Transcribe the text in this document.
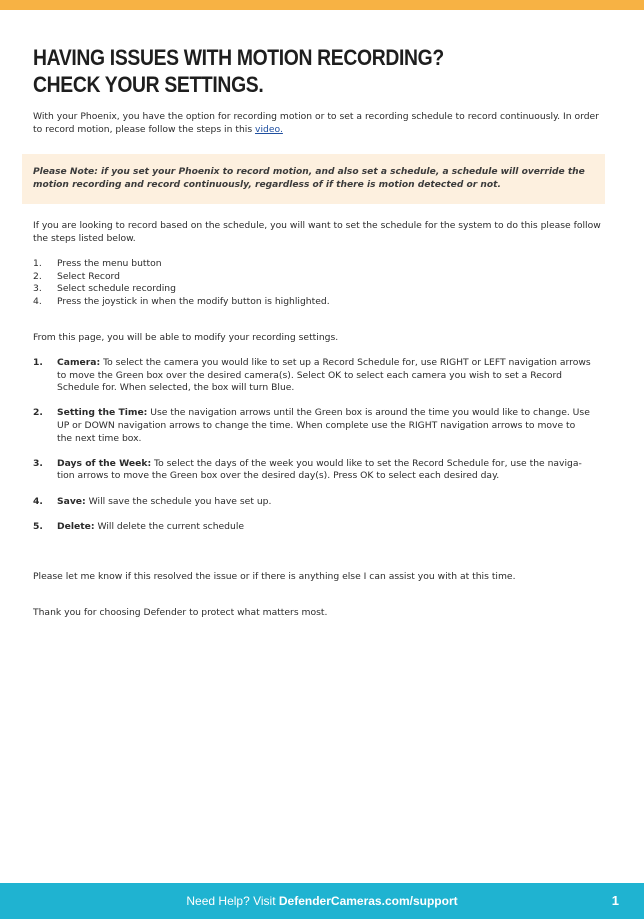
HAVING ISSUES WITH MOTION RECORDING?
CHECK YOUR SETTINGS.

With your Phoenix, you have the option for recording motion or to set a recording schedule to record continuously. In order to record motion, please follow the steps in this video.

Please Note: if you set your Phoenix to record motion, and also set a schedule, a schedule will override the motion recording and record continuously, regardless of if there is motion detected or not.

If you are looking to record based on the schedule, you will want to set the schedule for the system to do this please follow the steps listed below.

1. Press the menu button
2. Select Record
3. Select schedule recording
4. Press the joystick in when the modify button is highlighted.

From this page, you will be able to modify your recording settings.

1. Camera: To select the camera you would like to set up a Record Schedule for, use RIGHT or LEFT navigation arrows to move the Green box over the desired camera(s). Select OK to select each camera you wish to set a Record Schedule for. When selected, the box will turn Blue.
2. Setting the Time: Use the navigation arrows until the Green box is around the time you would like to change. Use UP or DOWN navigation arrows to change the time. When complete use the RIGHT navigation arrows to move to the next time box.
3. Days of the Week: To select the days of the week you would like to set the Record Schedule for, use the naviga-tion arrows to move the Green box over the desired day(s). Press OK to select each desired day.
4. Save: Will save the schedule you have set up.
5. Delete: Will delete the current schedule

Please let me know if this resolved the issue or if there is anything else I can assist you with at this time.

Thank you for choosing Defender to protect what matters most.

Need Help? Visit DefenderCameras.com/support	1
